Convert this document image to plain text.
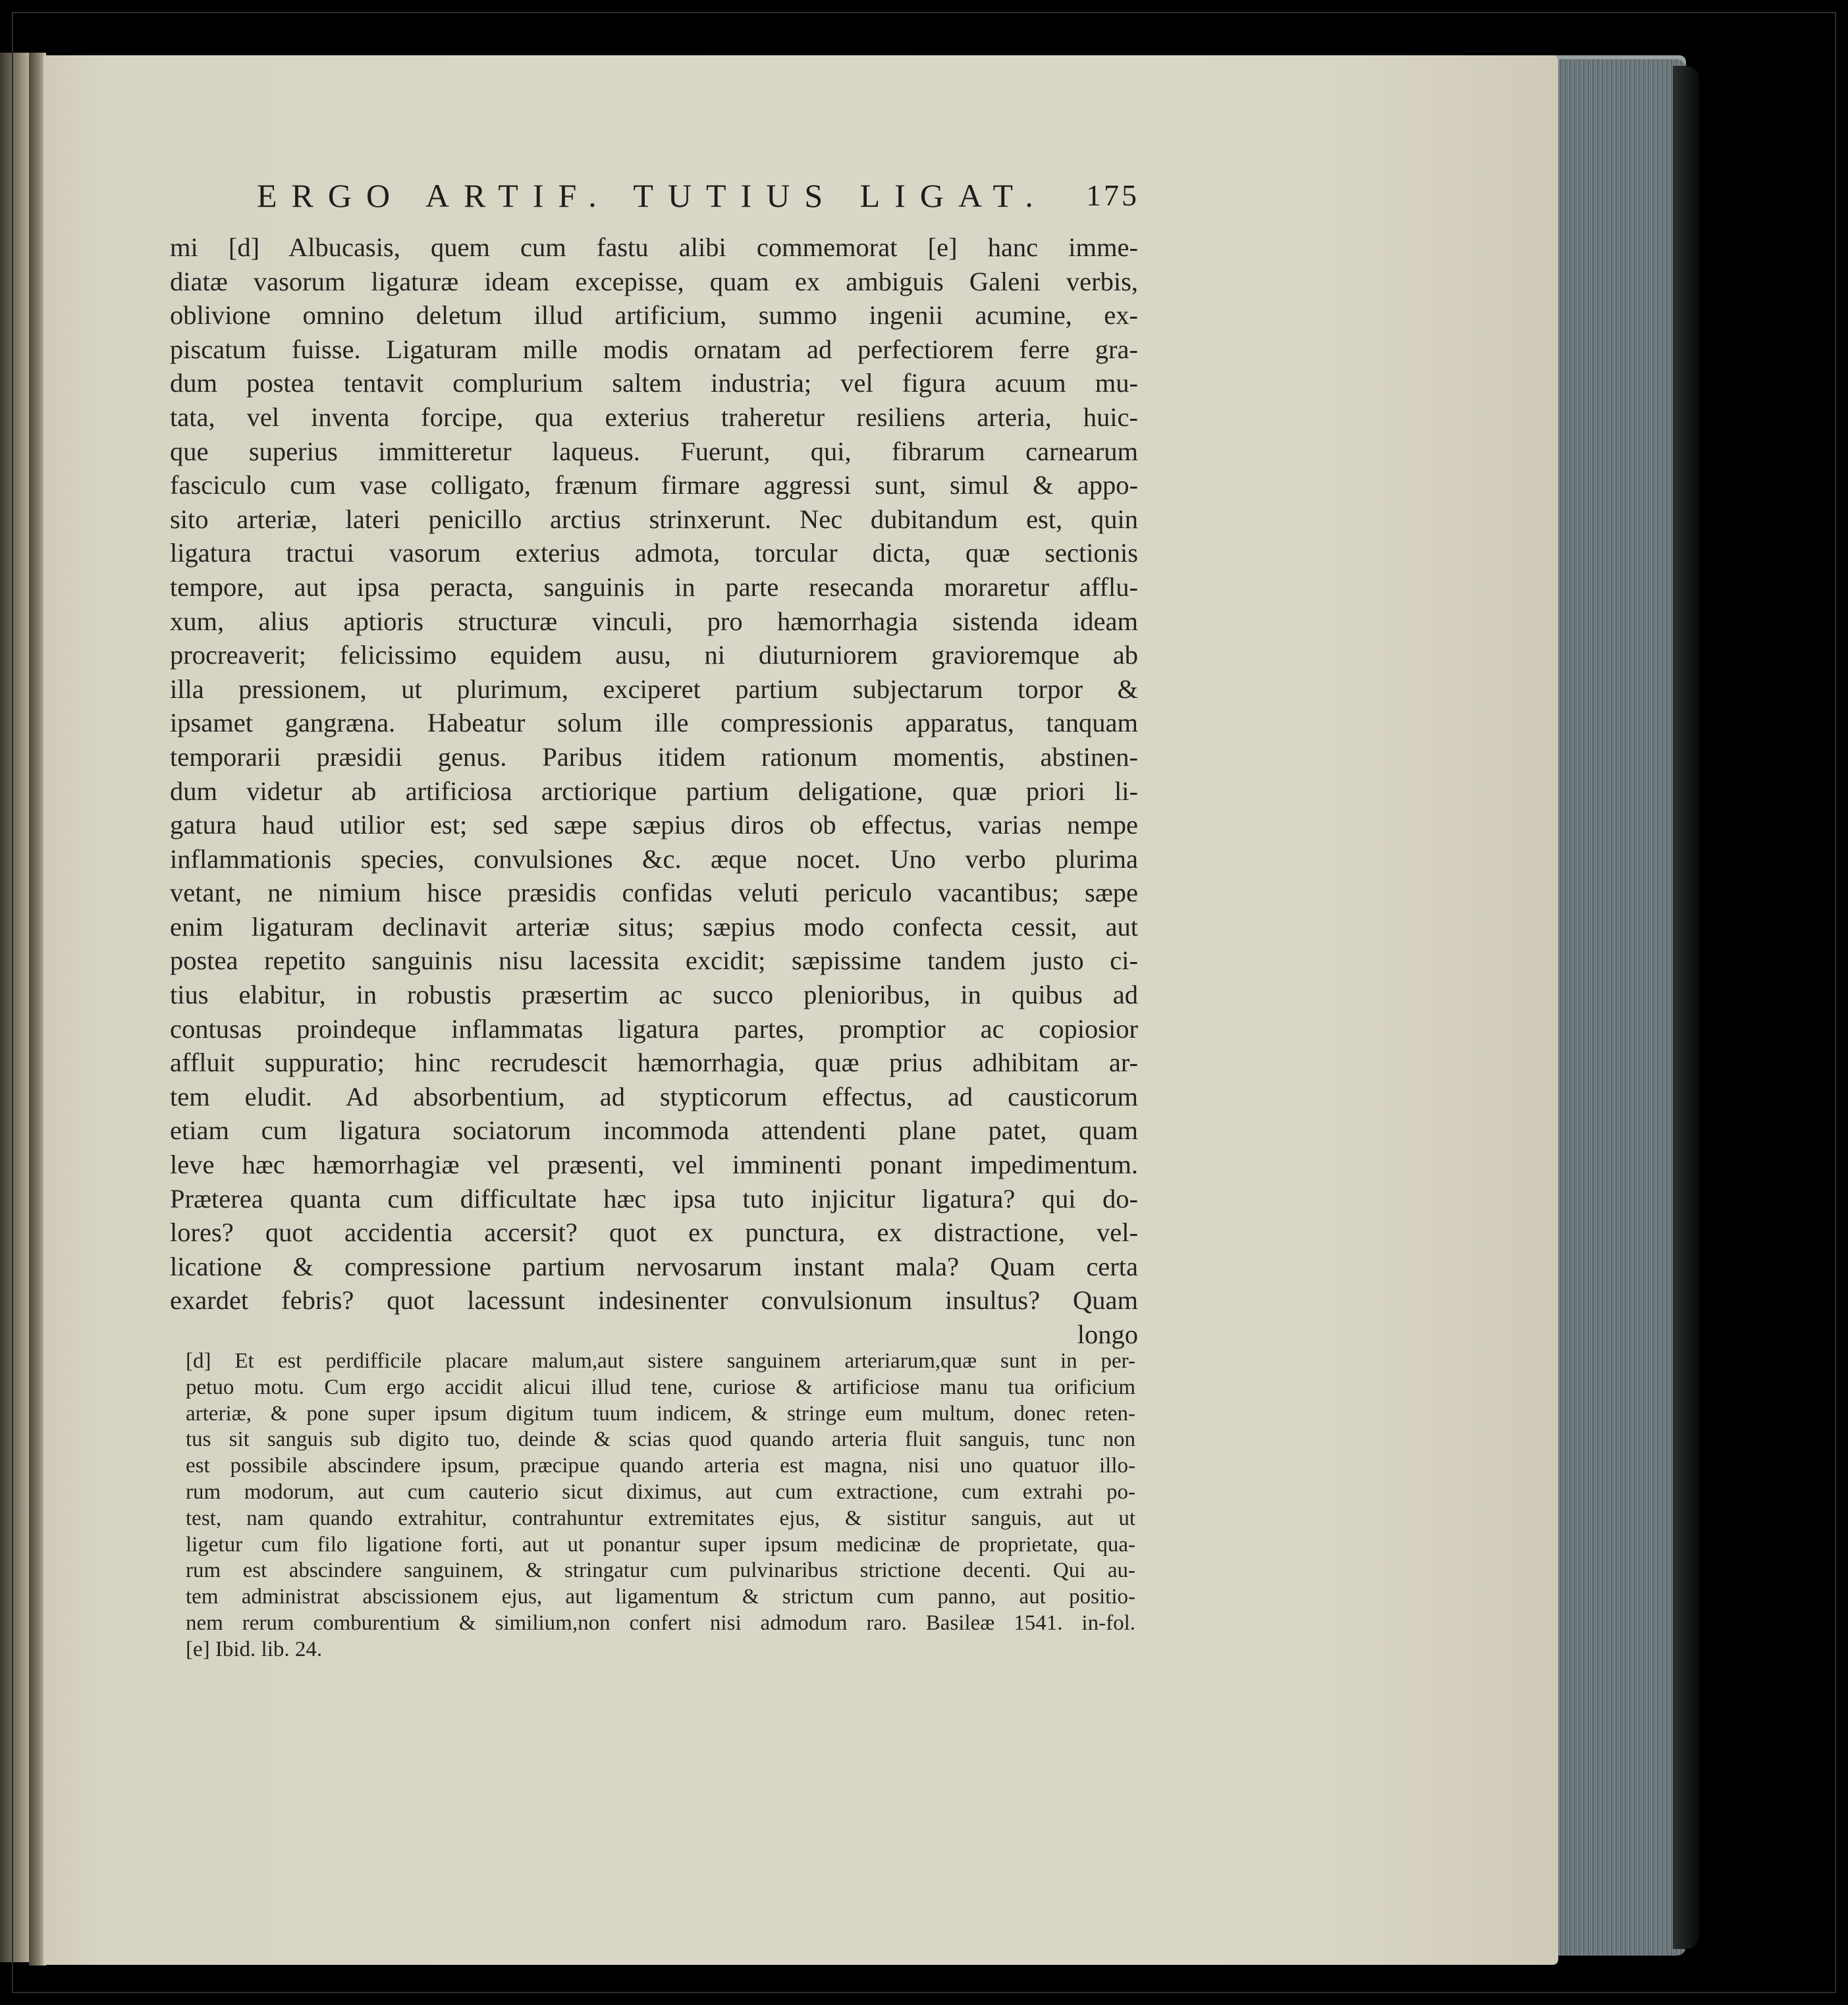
ERGO ARTIF. TUTIUS LIGAT. 175
mi [d] Albucasis, quem cum fastu alibi commemorat [e] hanc imme-
diatæ vasorum ligaturæ ideam excepisse, quam ex ambiguis Galeni verbis,
oblivione omnino deletum illud artificium, summo ingenii acumine, ex-
piscatum fuisse. Ligaturam mille modis ornatam ad perfectiorem ferre gra-
dum postea tentavit complurium saltem industria; vel figura acuum mu-
tata, vel inventa forcipe, qua exterius traheretur resiliens arteria, huic-
que superius immitteretur laqueus. Fuerunt, qui, fibrarum carnearum
fasciculo cum vase colligato, frænum firmare aggressi sunt, simul & appo-
sito arteriæ, lateri penicillo arctius strinxerunt. Nec dubitandum est, quin
ligatura tractui vasorum exterius admota, torcular dicta, quæ sectionis
tempore, aut ipsa peracta, sanguinis in parte resecanda moraretur afflu-
xum, alius aptioris structuræ vinculi, pro hæmorrhagia sistenda ideam
procreaverit; felicissimo equidem ausu, ni diuturniorem gravioremque ab
illa pressionem, ut plurimum, exciperet partium subjectarum torpor &
ipsamet gangræna. Habeatur solum ille compressionis apparatus, tanquam
temporarii præsidii genus. Paribus itidem rationum momentis, abstinen-
dum videtur ab artificiosa arctiorique partium deligatione, quæ priori li-
gatura haud utilior est; sed sæpe sæpius diros ob effectus, varias nempe
inflammationis species, convulsiones &c. æque nocet. Uno verbo plurima
vetant, ne nimium hisce præsidis confidas veluti periculo vacantibus; sæpe
enim ligaturam declinavit arteriæ situs; sæpius modo confecta cessit, aut
postea repetito sanguinis nisu lacessita excidit; sæpissime tandem justo ci-
tius elabitur, in robustis præsertim ac succo plenioribus, in quibus ad
contusas proindeque inflammatas ligatura partes, promptior ac copiosior
affluit suppuratio; hinc recrudescit hæmorrhagia, quæ prius adhibitam ar-
tem eludit. Ad absorbentium, ad stypticorum effectus, ad causticorum
etiam cum ligatura sociatorum incommoda attendenti plane patet, quam
leve hæc hæmorrhagiæ vel præsenti, vel imminenti ponant impedimentum.
Præterea quanta cum difficultate hæc ipsa tuto injicitur ligatura? qui do-
lores? quot accidentia accersit? quot ex punctura, ex distractione, vel-
licatione & compressione partium nervosarum instant mala? Quam certa
exardet febris? quot lacessunt indesinenter convulsionum insultus? Quam
longo
[d] Et est perdifficile placare malum,aut sistere sanguinem arteriarum,quæ sunt in per-
petuo motu. Cum ergo accidit alicui illud tene, curiose & artificiose manu tua orificium
arteriæ, & pone super ipsum digitum tuum indicem, & stringe eum multum, donec reten-
tus sit sanguis sub digito tuo, deinde & scias quod quando arteria fluit sanguis, tunc non
est possibile abscindere ipsum, præcipue quando arteria est magna, nisi uno quatuor illo-
rum modorum, aut cum cauterio sicut diximus, aut cum extractione, cum extrahi po-
test, nam quando extrahitur, contrahuntur extremitates ejus, & sistitur sanguis, aut ut
ligetur cum filo ligatione forti, aut ut ponantur super ipsum medicinæ de proprietate, qua-
rum est abscindere sanguinem, & stringatur cum pulvinaribus strictione decenti. Qui au-
tem administrat abscissionem ejus, aut ligamentum & strictum cum panno, aut positio-
nem rerum comburentium & similium,non confert nisi admodum raro. Basileæ 1541. in-fol.
[e] Ibid. lib. 24.
